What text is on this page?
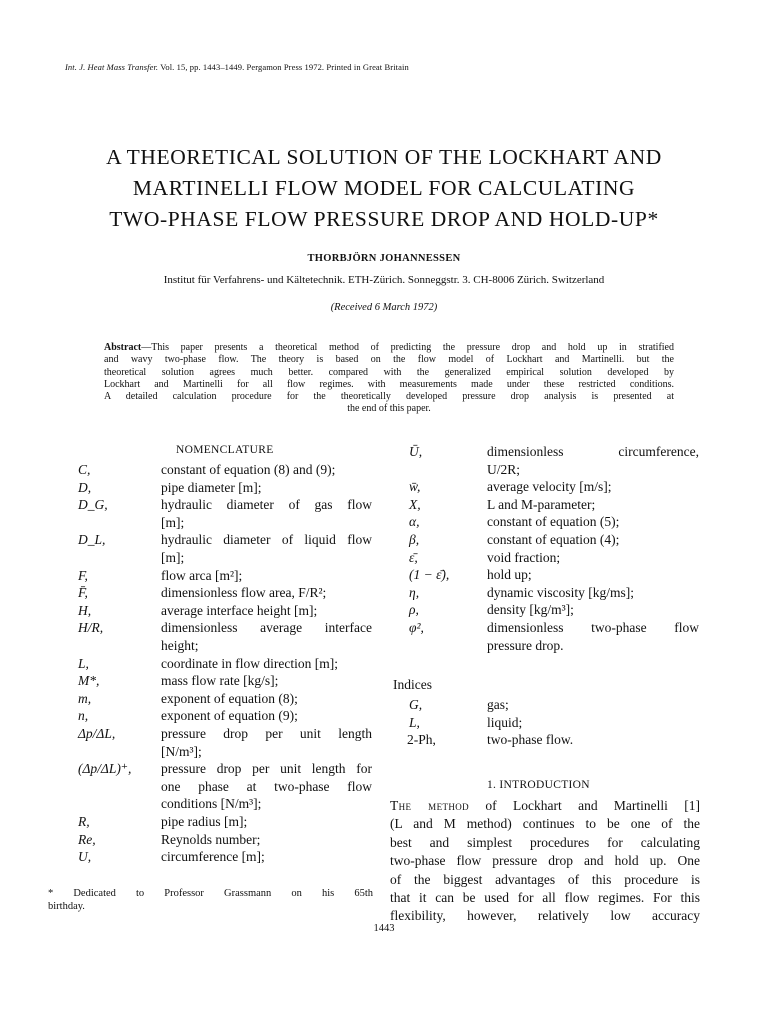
Int. J. Heat Mass Transfer. Vol. 15, pp. 1443–1449. Pergamon Press 1972. Printed in Great Britain
A THEORETICAL SOLUTION OF THE LOCKHART AND
MARTINELLI FLOW MODEL FOR CALCULATING
TWO-PHASE FLOW PRESSURE DROP AND HOLD-UP*
THORBJÖRN JOHANNESSEN
Institut für Verfahrens- und Kältetechnik. ETH-Zürich. Sonneggstr. 3. CH-8006 Zürich. Switzerland
(Received 6 March 1972)
Abstract—This paper presents a theoretical method of predicting the pressure drop and hold up in stratified
and wavy two-phase flow. The theory is based on the flow model of Lockhart and Martinelli. but the
theoretical solution agrees much better. compared with the generalized empirical solution developed by
Lockhart and Martinelli for all flow regimes. with measurements made under these restricted conditions.
A detailed calculation procedure for the theoretically developed pressure drop analysis is presented at
the end of this paper.
NOMENCLATURE
C,	constant of equation (8) and (9);
D,	pipe diameter [m];
D_G,	hydraulic diameter of gas flow
[m];
D_L,	hydraulic diameter of liquid flow
[m];
F,	flow arca [m²];
F̄,	dimensionless flow area, F/R²;
H,	average interface height [m];
H/R,	dimensionless average interface
height;
L,	coordinate in flow direction [m];
M*,	mass flow rate [kg/s];
m,	exponent of equation (8);
n,	exponent of equation (9);
Δp/ΔL,	pressure drop per unit length
[N/m³];
(Δp/ΔL)⁺, pressure drop per unit length for
one phase at two-phase flow
conditions [N/m³];
R,	pipe radius [m];
Re,	Reynolds number;
U,	circumference [m];
Ū,	dimensionless circumference,
U/2R;
w̄,	average velocity [m/s];
X,	L and M-parameter;
α,	constant of equation (5);
β,	constant of equation (4);
ε̄,	void fraction;
(1 − ε̄),	hold up;
η,	dynamic viscosity [kg/ms];
ρ,	density [kg/m³];
φ²,	dimensionless two-phase flow
pressure drop.
Indices
G,	gas;
L,	liquid;
2-Ph,	two-phase flow.
1. INTRODUCTION
The method of Lockhart and Martinelli [1]
(L and M method) continues to be one of the
best and simplest procedures for calculating
two-phase flow pressure drop and hold up. One
of the biggest advantages of this procedure is
that it can be used for all flow regimes. For this
flexibility, however, relatively low accuracy
* Dedicated to Professor Grassmann on his 65th
birthday.
1443
